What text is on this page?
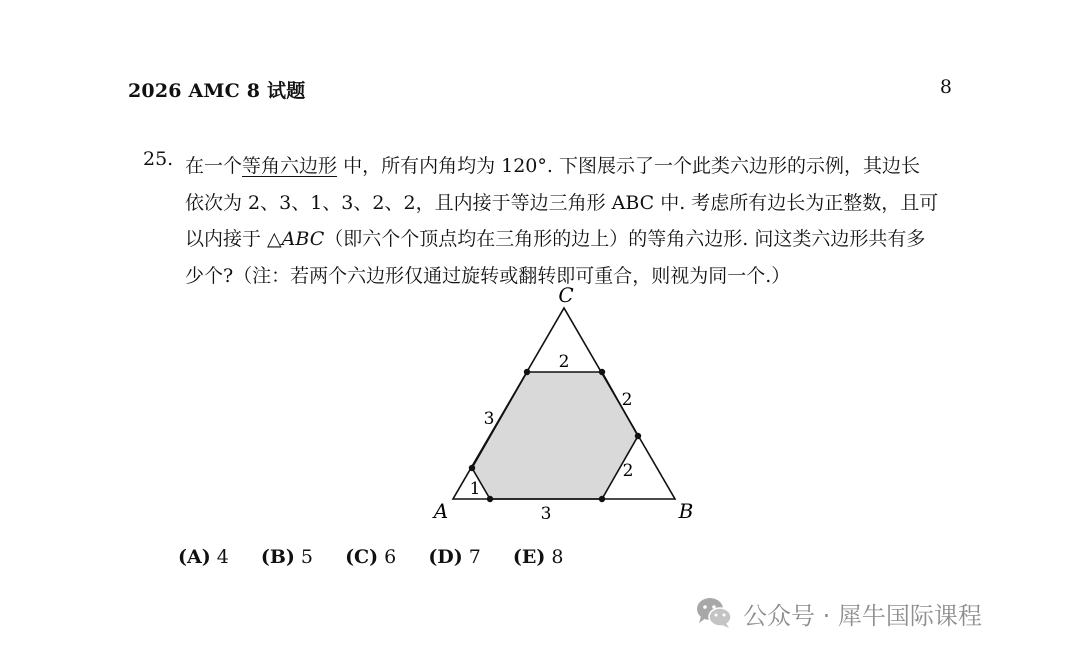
2026 AMC 8 试题	8
25. 在一个等角六边形 中，所有内角均为 120°. 下图展示了一个此类六边形的示例，其边长
依次为 2、3、1、3、2、2，且内接于等边三角形 ABC 中. 考虑所有边长为正整数，且可
以内接于 △ABC（即六个个顶点均在三角形的边上）的等角六边形. 问这类六边形共有多
少个?（注：若两个六边形仅通过旋转或翻转即可重合，则视为同一个.）
C
A	B
2
3
2
2
3
1
(A) 4 (B) 5 (C) 6 (D) 7 (E) 8
公众号 · 犀牛国际课程
